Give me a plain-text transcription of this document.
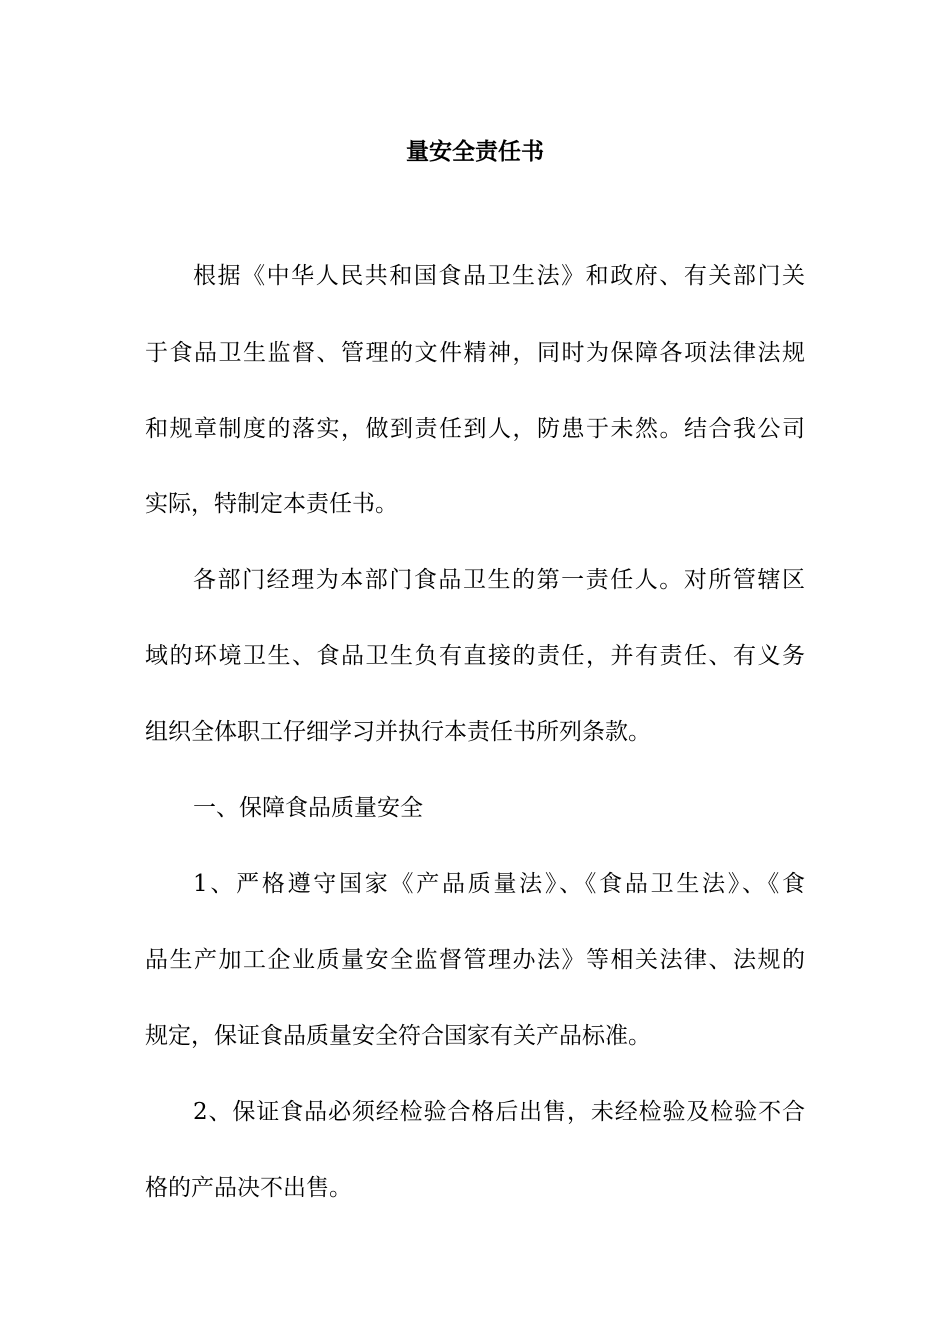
量安全责任书
根据《中华人民共和国食品卫生法》和政府、有关部门关
于食品卫生监督、管理的文件精神，同时为保障各项法律法规
和规章制度的落实，做到责任到人，防患于未然。结合我公司
实际，特制定本责任书。
各部门经理为本部门食品卫生的第一责任人。对所管辖区
域的环境卫生、食品卫生负有直接的责任，并有责任、有义务
组织全体职工仔细学习并执行本责任书所列条款。
一、保障食品质量安全
1、严格遵守国家《产品质量法》、《食品卫生法》、《食
品生产加工企业质量安全监督管理办法》等相关法律、法规的
规定，保证食品质量安全符合国家有关产品标准。
2、保证食品必须经检验合格后出售，未经检验及检验不合
格的产品决不出售。
